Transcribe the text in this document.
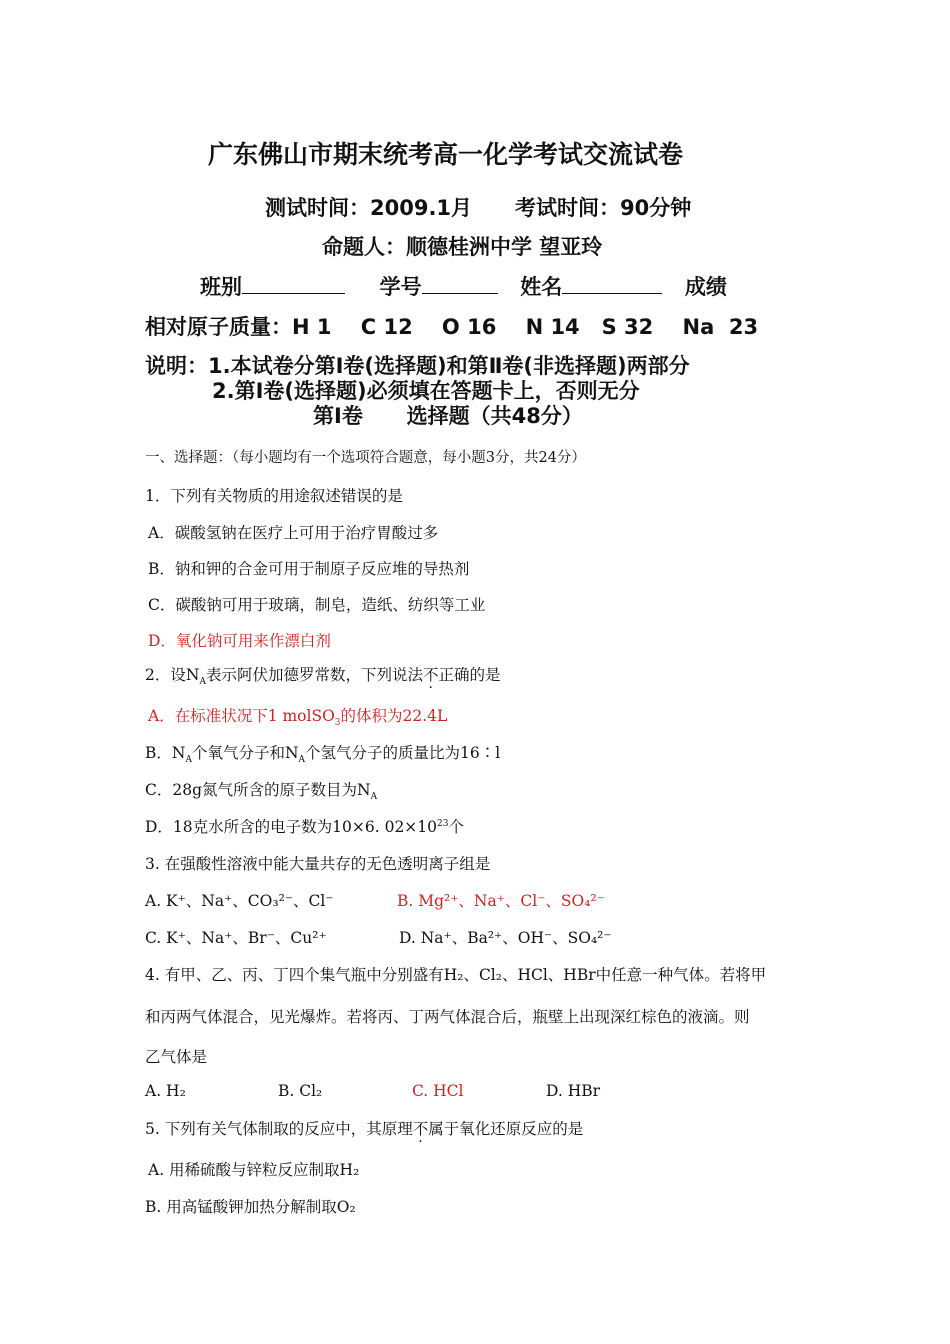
广东佛山市期末统考高一化学考试交流试卷
测试时间：2009.1月 考试时间：90分钟
命题人：顺德桂洲中学 望亚玲
班别	学号	姓名	成绩
相对原子质量：H 1    C 12    O 16    N 14   S 32    Na  23
说明：1.本试卷分第Ⅰ卷(选择题)和第Ⅱ卷(非选择题)两部分
2.第Ⅰ卷(选择题)必须填在答题卡上，否则无分
第Ⅰ卷      选择题（共48分）
一、选择题：（每小题均有一个选项符合题意，每小题3分，共24分）
1．下列有关物质的用途叙述错误的是
A．碳酸氢钠在医疗上可用于治疗胃酸过多
B．钠和钾的合金可用于制原子反应堆的导热剂
C．碳酸钠可用于玻璃，制皂，造纸、纺织等工业
D．氧化钠可用来作漂白剂
2．设$N_A$表示阿伏加德罗常数，下列说法不正确的是
A．在标准状况下1 molSO$_3$的体积为22.4L
B．$N_A$个氧气分子和$N_A$个氢气分子的质量比为16∶l
C．28g氮气所含的原子数目为$N_A$
D．18克水所含的电子数为10×6. $02\times 10^{23}$个
3. 在强酸性溶液中能大量共存的无色透明离子组是
A. K⁺、Na⁺、CO₃²⁻、Cl⁻	B. Mg²⁺、Na⁺、Cl⁻、SO₄²⁻
C. K⁺、Na⁺、Br⁻、Cu²⁺	D. Na⁺、Ba²⁺、OH⁻、SO₄²⁻
4. 有甲、乙、丙、丁四个集气瓶中分别盛有H₂、Cl₂、HCl、HBr中任意一种气体。若将甲
和丙两气体混合，见光爆炸。若将丙、丁两气体混合后，瓶壁上出现深红棕色的液滴。则
乙气体是
A. H₂	B. Cl₂	C. HCl	D. HBr
5. 下列有关气体制取的反应中，其原理不属于氧化还原反应的是
A. 用稀硫酸与锌粒反应制取H₂
B. 用高锰酸钾加热分解制取O₂
